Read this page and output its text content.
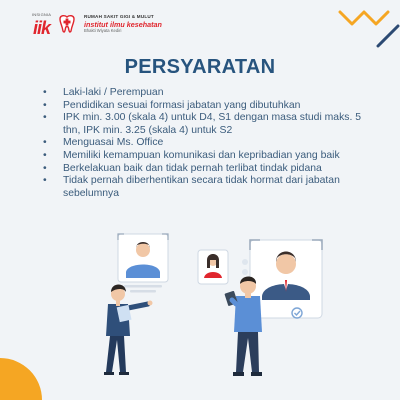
INSIGNIA
iik
RUMAH SAKIT GIGI & MULUT
institut ilmu kesehatan
Bhakti Wiyata Kediri
PERSYARATAN
• Laki-laki / Perempuan
• Pendidikan sesuai formasi jabatan yang dibutuhkan
• IPK min. 3.00 (skala 4) untuk D4, S1 dengan masa studi maks. 5 thn, IPK min. 3.25 (skala 4) untuk S2
• Menguasai Ms. Office
• Memiliki kemampuan komunikasi dan kepribadian yang baik
• Berkelakuan baik dan tidak pernah terlibat tindak pidana
• Tidak pernah diberhentikan secara tidak hormat dari jabatan sebelumnya
